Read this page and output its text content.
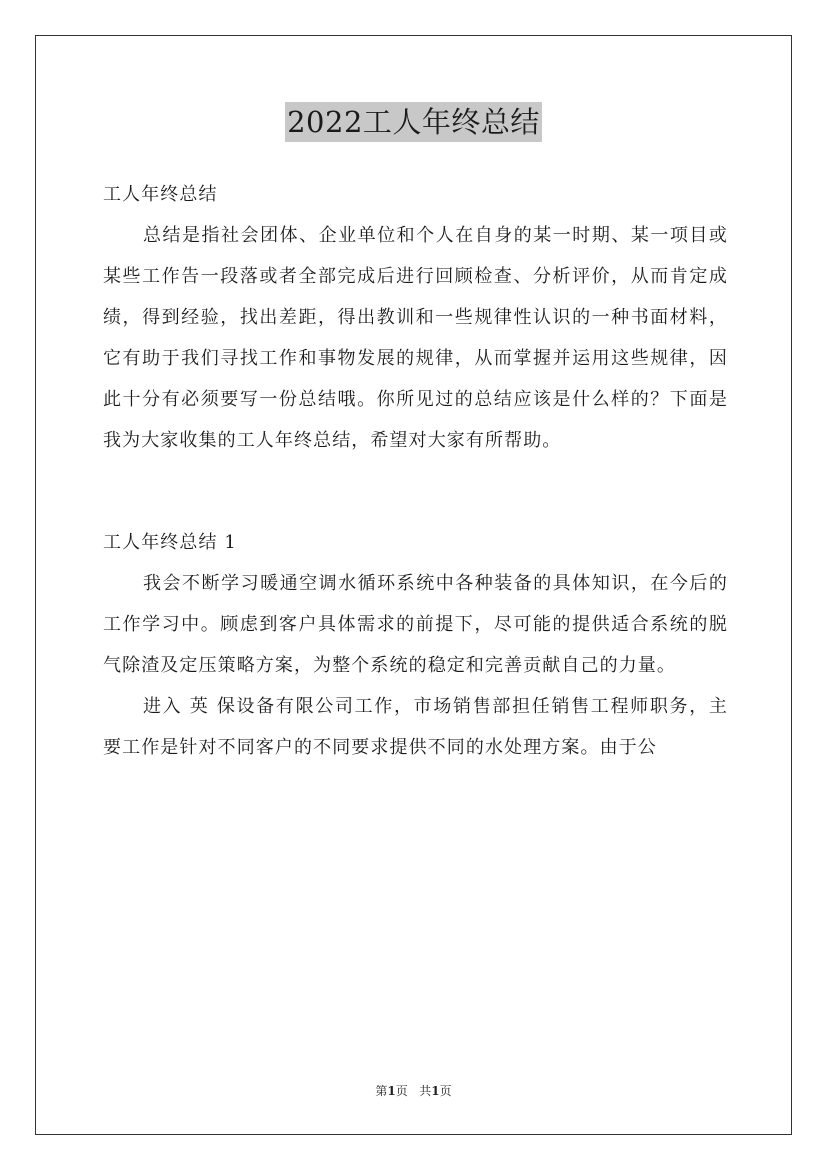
2022工人年终总结

工人年终总结

总结是指社会团体、企业单位和个人在自身的某一时期、某一项目或某些工作告一段落或者全部完成后进行回顾检查、分析评价，从而肯定成绩，得到经验，找出差距，得出教训和一些规律性认识的一种书面材料，它有助于我们寻找工作和事物发展的规律，从而掌握并运用这些规律，因此十分有必须要写一份总结哦。你所见过的总结应该是什么样的？下面是我为大家收集的工人年终总结，希望对大家有所帮助。

工人年终总结 1

我会不断学习暖通空调水循环系统中各种装备的具体知识，在今后的工作学习中。顾虑到客户具体需求的前提下，尽可能的提供适合系统的脱气除渣及定压策略方案，为整个系统的稳定和完善贡献自己的力量。

进入 英 保设备有限公司工作，市场销售部担任销售工程师职务，主要工作是针对不同客户的不同要求提供不同的水处理方案。由于公

第1页 共1页
